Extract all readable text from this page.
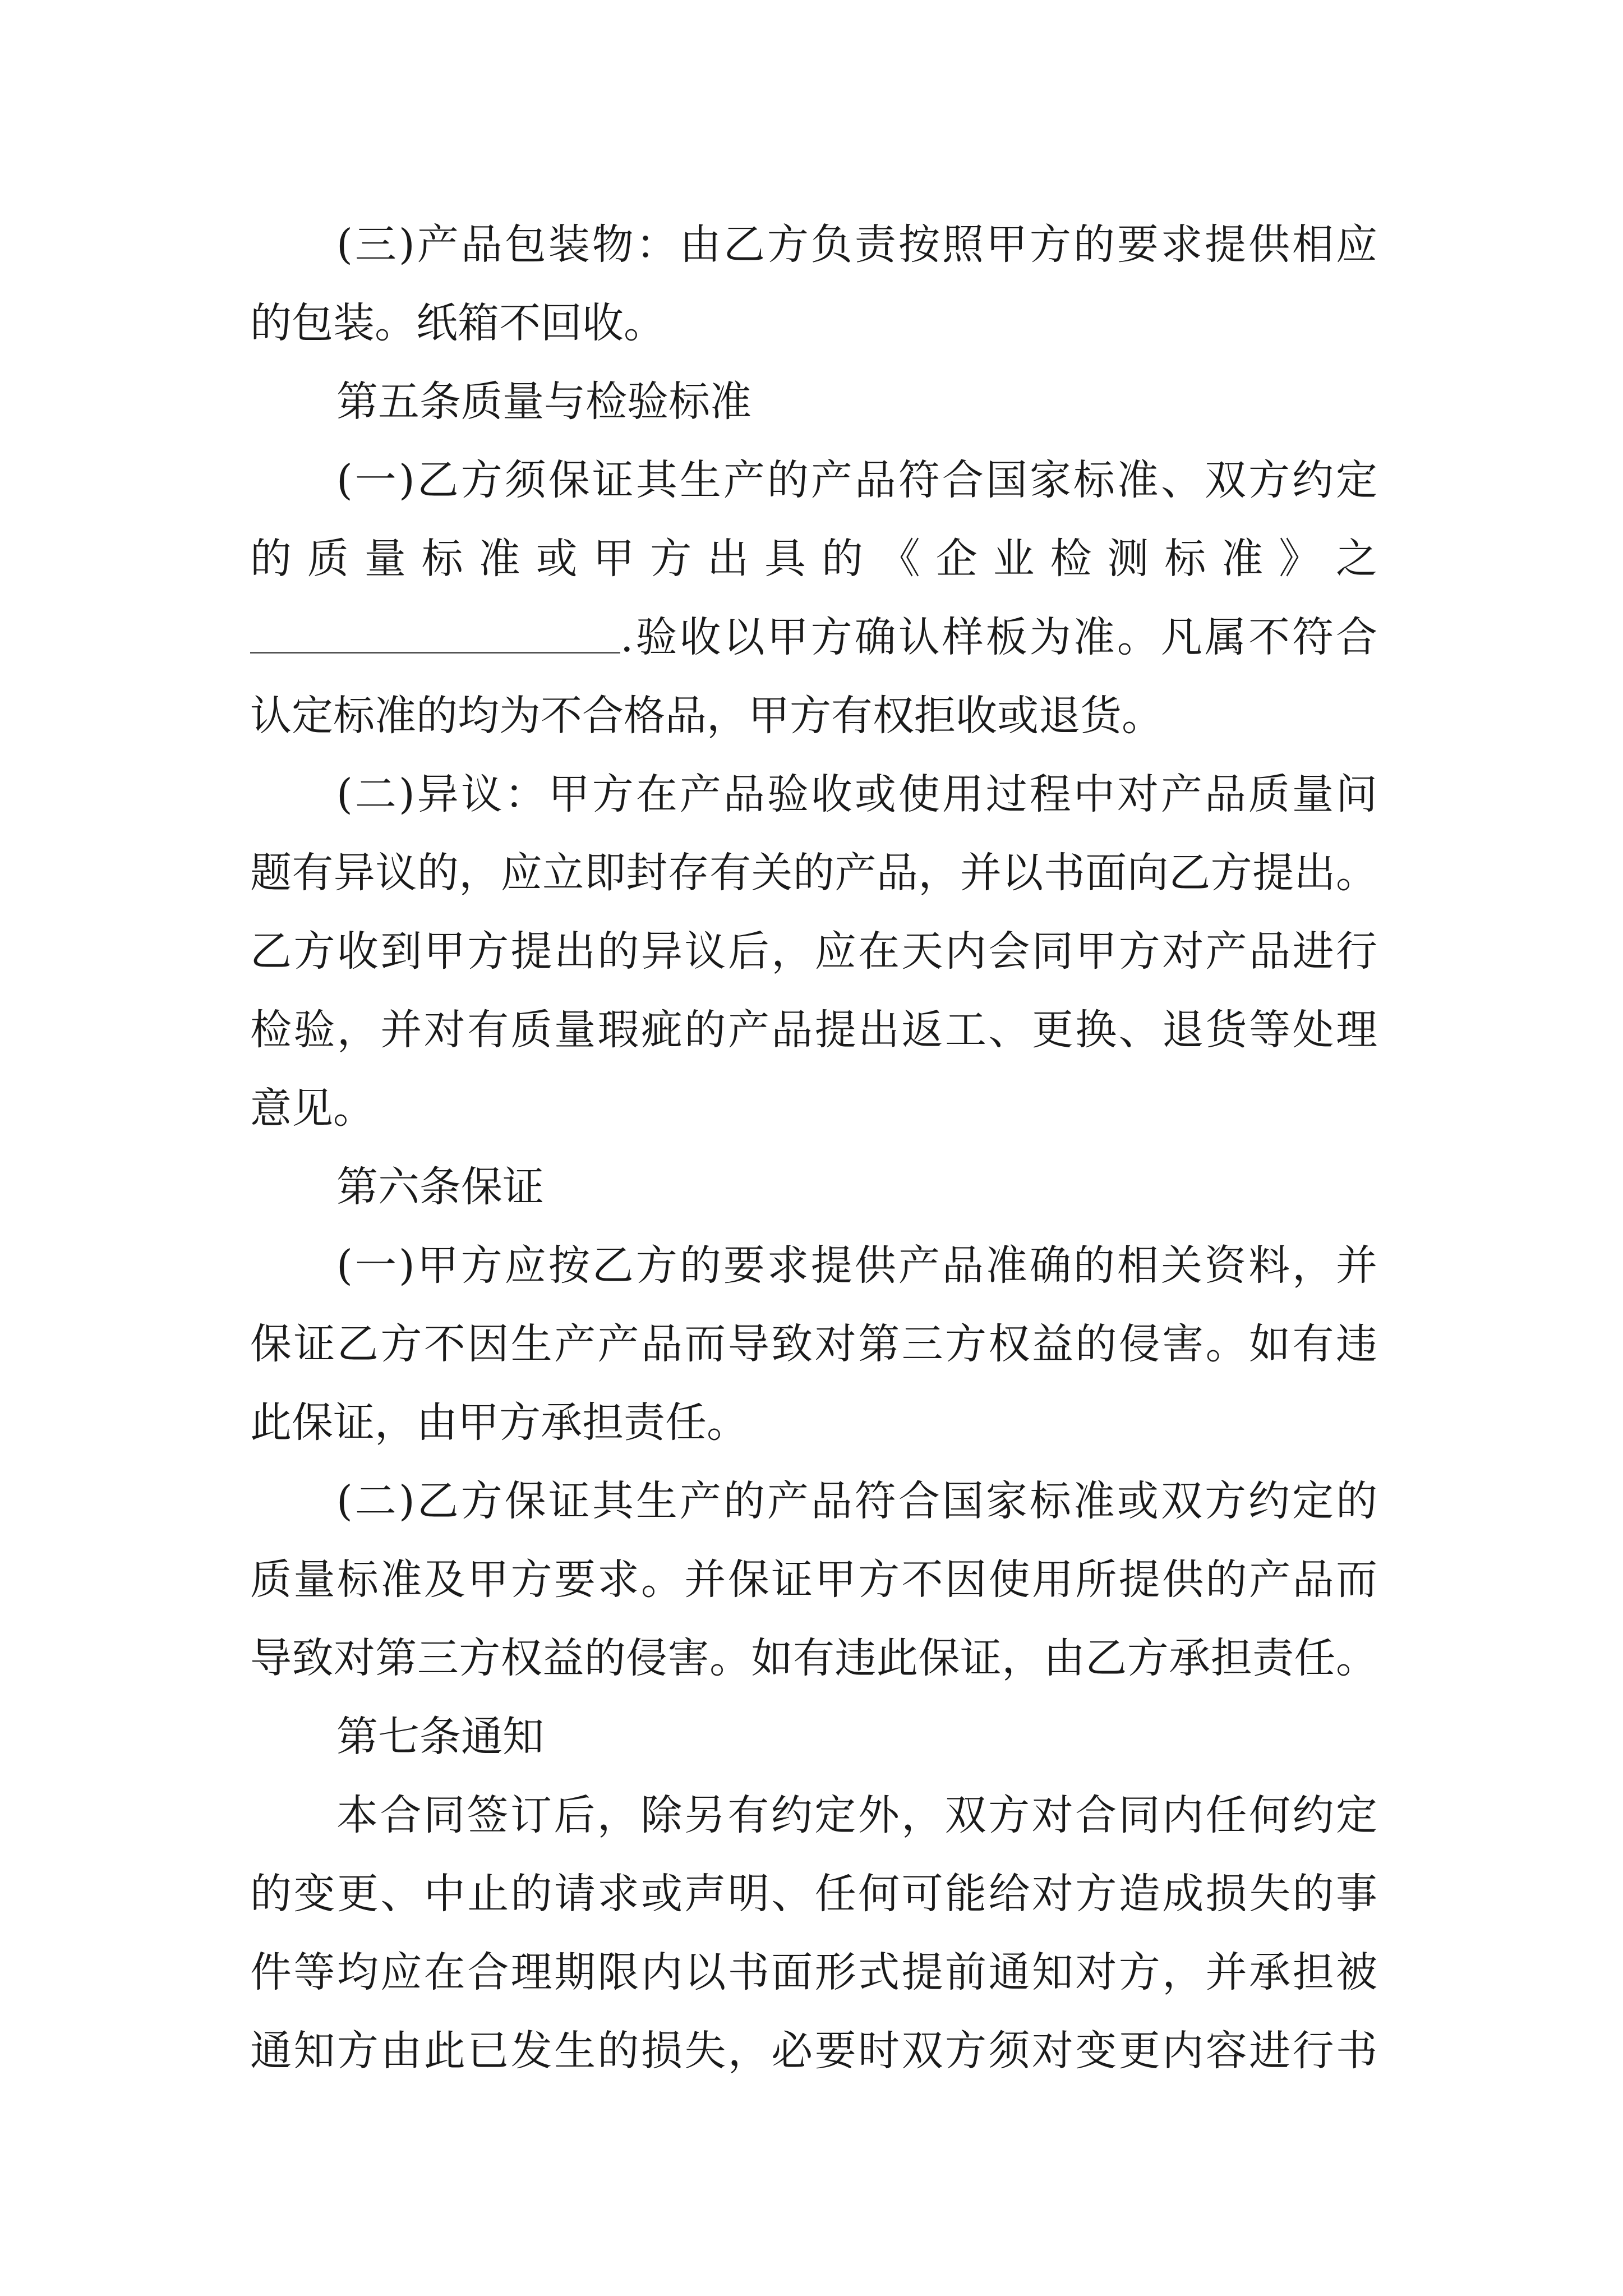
(三)产品包装物：由乙方负责按照甲方的要求提供相应
的包装。纸箱不回收。
第五条质量与检验标准
(一)乙方须保证其生产的产品符合国家标准、双方约定
的质量标准或甲方出具的《企业检测标准》之
.验收以甲方确认样板为准。凡属不符合
认定标准的均为不合格品，甲方有权拒收或退货。
(二)异议：甲方在产品验收或使用过程中对产品质量问
题有异议的，应立即封存有关的产品，并以书面向乙方提出。
乙方收到甲方提出的异议后，应在天内会同甲方对产品进行
检验，并对有质量瑕疵的产品提出返工、更换、退货等处理
意见。
第六条保证
(一)甲方应按乙方的要求提供产品准确的相关资料，并
保证乙方不因生产产品而导致对第三方权益的侵害。如有违
此保证，由甲方承担责任。
(二)乙方保证其生产的产品符合国家标准或双方约定的
质量标准及甲方要求。并保证甲方不因使用所提供的产品而
导致对第三方权益的侵害。如有违此保证，由乙方承担责任。
第七条通知
本合同签订后，除另有约定外，双方对合同内任何约定
的变更、中止的请求或声明、任何可能给对方造成损失的事
件等均应在合理期限内以书面形式提前通知对方，并承担被
通知方由此已发生的损失，必要时双方须对变更内容进行书
